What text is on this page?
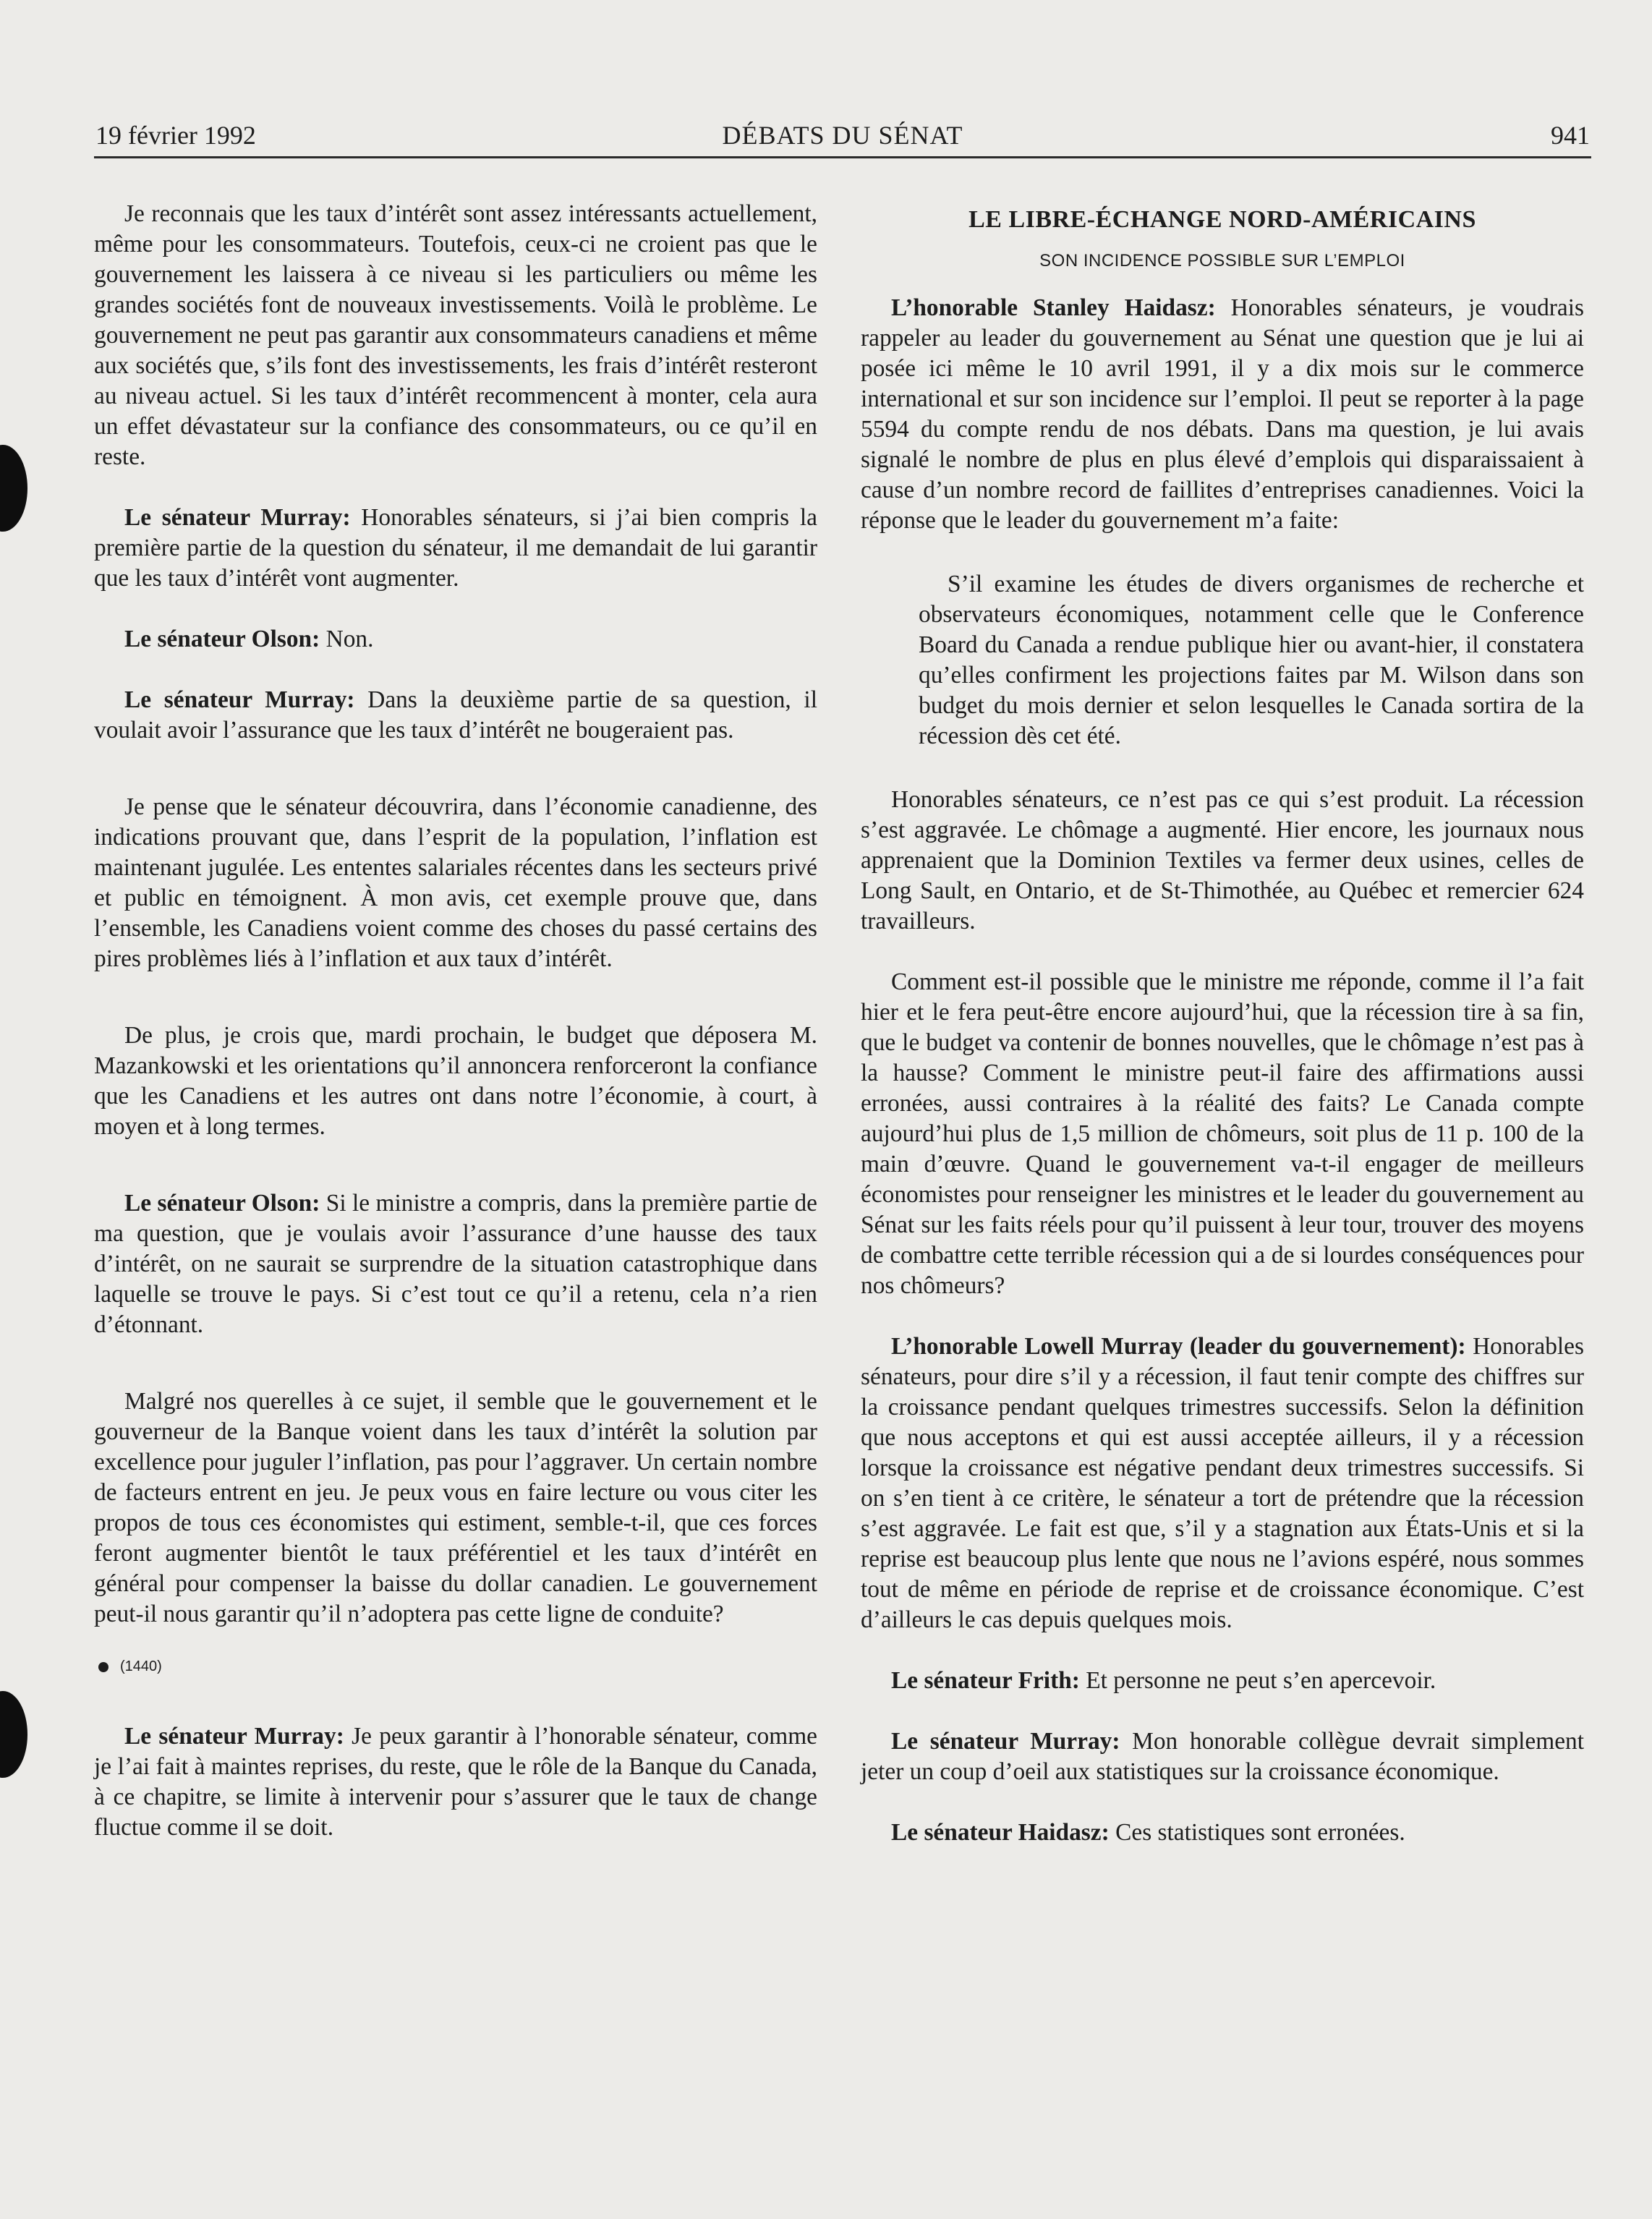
19 février 1992	DÉBATS DU SÉNAT	941

Je reconnais que les taux d’intérêt sont assez intéressants actuellement, même pour les consommateurs. Toutefois, ceux-ci ne croient pas que le gouvernement les laissera à ce niveau si les particuliers ou même les grandes sociétés font de nouveaux investissements. Voilà le problème. Le gouvernement ne peut pas garantir aux consommateurs canadiens et même aux sociétés que, s’ils font des investissements, les frais d’intérêt resteront au niveau actuel. Si les taux d’intérêt recommencent à monter, cela aura un effet dévastateur sur la confiance des consommateurs, ou ce qu’il en reste.

Le sénateur Murray: Honorables sénateurs, si j’ai bien compris la première partie de la question du sénateur, il me demandait de lui garantir que les taux d’intérêt vont augmenter.

Le sénateur Olson: Non.

Le sénateur Murray: Dans la deuxième partie de sa question, il voulait avoir l’assurance que les taux d’intérêt ne bougeraient pas.

Je pense que le sénateur découvrira, dans l’économie canadienne, des indications prouvant que, dans l’esprit de la population, l’inflation est maintenant jugulée. Les ententes salariales récentes dans les secteurs privé et public en témoignent. À mon avis, cet exemple prouve que, dans l’ensemble, les Canadiens voient comme des choses du passé certains des pires problèmes liés à l’inflation et aux taux d’intérêt.

De plus, je crois que, mardi prochain, le budget que déposera M. Mazankowski et les orientations qu’il annoncera renforceront la confiance que les Canadiens et les autres ont dans notre l’économie, à court, à moyen et à long termes.

Le sénateur Olson: Si le ministre a compris, dans la première partie de ma question, que je voulais avoir l’assurance d’une hausse des taux d’intérêt, on ne saurait se surprendre de la situation catastrophique dans laquelle se trouve le pays. Si c’est tout ce qu’il a retenu, cela n’a rien d’étonnant.

Malgré nos querelles à ce sujet, il semble que le gouvernement et le gouverneur de la Banque voient dans les taux d’intérêt la solution par excellence pour juguler l’inflation, pas pour l’aggraver. Un certain nombre de facteurs entrent en jeu. Je peux vous en faire lecture ou vous citer les propos de tous ces économistes qui estiment, semble-t-il, que ces forces feront augmenter bientôt le taux préférentiel et les taux d’intérêt en général pour compenser la baisse du dollar canadien. Le gouvernement peut-il nous garantir qu’il n’adoptera pas cette ligne de conduite?

(1440)

Le sénateur Murray: Je peux garantir à l’honorable sénateur, comme je l’ai fait à maintes reprises, du reste, que le rôle de la Banque du Canada, à ce chapitre, se limite à intervenir pour s’assurer que le taux de change fluctue comme il se doit.

LE LIBRE-ÉCHANGE NORD-AMÉRICAINS
SON INCIDENCE POSSIBLE SUR L’EMPLOI

L’honorable Stanley Haidasz: Honorables sénateurs, je voudrais rappeler au leader du gouvernement au Sénat une question que je lui ai posée ici même le 10 avril 1991, il y a dix mois sur le commerce international et sur son incidence sur l’emploi. Il peut se reporter à la page 5594 du compte rendu de nos débats. Dans ma question, je lui avais signalé le nombre de plus en plus élevé d’emplois qui disparaissaient à cause d’un nombre record de faillites d’entreprises canadiennes. Voici la réponse que le leader du gouvernement m’a faite:

S’il examine les études de divers organismes de recherche et observateurs économiques, notamment celle que le Conference Board du Canada a rendue publique hier ou avant-hier, il constatera qu’elles confirment les projections faites par M. Wilson dans son budget du mois dernier et selon lesquelles le Canada sortira de la récession dès cet été.

Honorables sénateurs, ce n’est pas ce qui s’est produit. La récession s’est aggravée. Le chômage a augmenté. Hier encore, les journaux nous apprenaient que la Dominion Textiles va fermer deux usines, celles de Long Sault, en Ontario, et de St-Thimothée, au Québec et remercier 624 travailleurs.

Comment est-il possible que le ministre me réponde, comme il l’a fait hier et le fera peut-être encore aujourd’hui, que la récession tire à sa fin, que le budget va contenir de bonnes nouvelles, que le chômage n’est pas à la hausse? Comment le ministre peut-il faire des affirmations aussi erronées, aussi contraires à la réalité des faits? Le Canada compte aujourd’hui plus de 1,5 million de chômeurs, soit plus de 11 p. 100 de la main d’œuvre. Quand le gouvernement va-t-il engager de meilleurs économistes pour renseigner les ministres et le leader du gouvernement au Sénat sur les faits réels pour qu’il puissent à leur tour, trouver des moyens de combattre cette terrible récession qui a de si lourdes conséquences pour nos chômeurs?

L’honorable Lowell Murray (leader du gouvernement): Honorables sénateurs, pour dire s’il y a récession, il faut tenir compte des chiffres sur la croissance pendant quelques trimestres successifs. Selon la définition que nous acceptons et qui est aussi acceptée ailleurs, il y a récession lorsque la croissance est négative pendant deux trimestres successifs. Si on s’en tient à ce critère, le sénateur a tort de prétendre que la récession s’est aggravée. Le fait est que, s’il y a stagnation aux États-Unis et si la reprise est beaucoup plus lente que nous ne l’avions espéré, nous sommes tout de même en période de reprise et de croissance économique. C’est d’ailleurs le cas depuis quelques mois.

Le sénateur Frith: Et personne ne peut s’en apercevoir.

Le sénateur Murray: Mon honorable collègue devrait simplement jeter un coup d’oeil aux statistiques sur la croissance économique.

Le sénateur Haidasz: Ces statistiques sont erronées.
